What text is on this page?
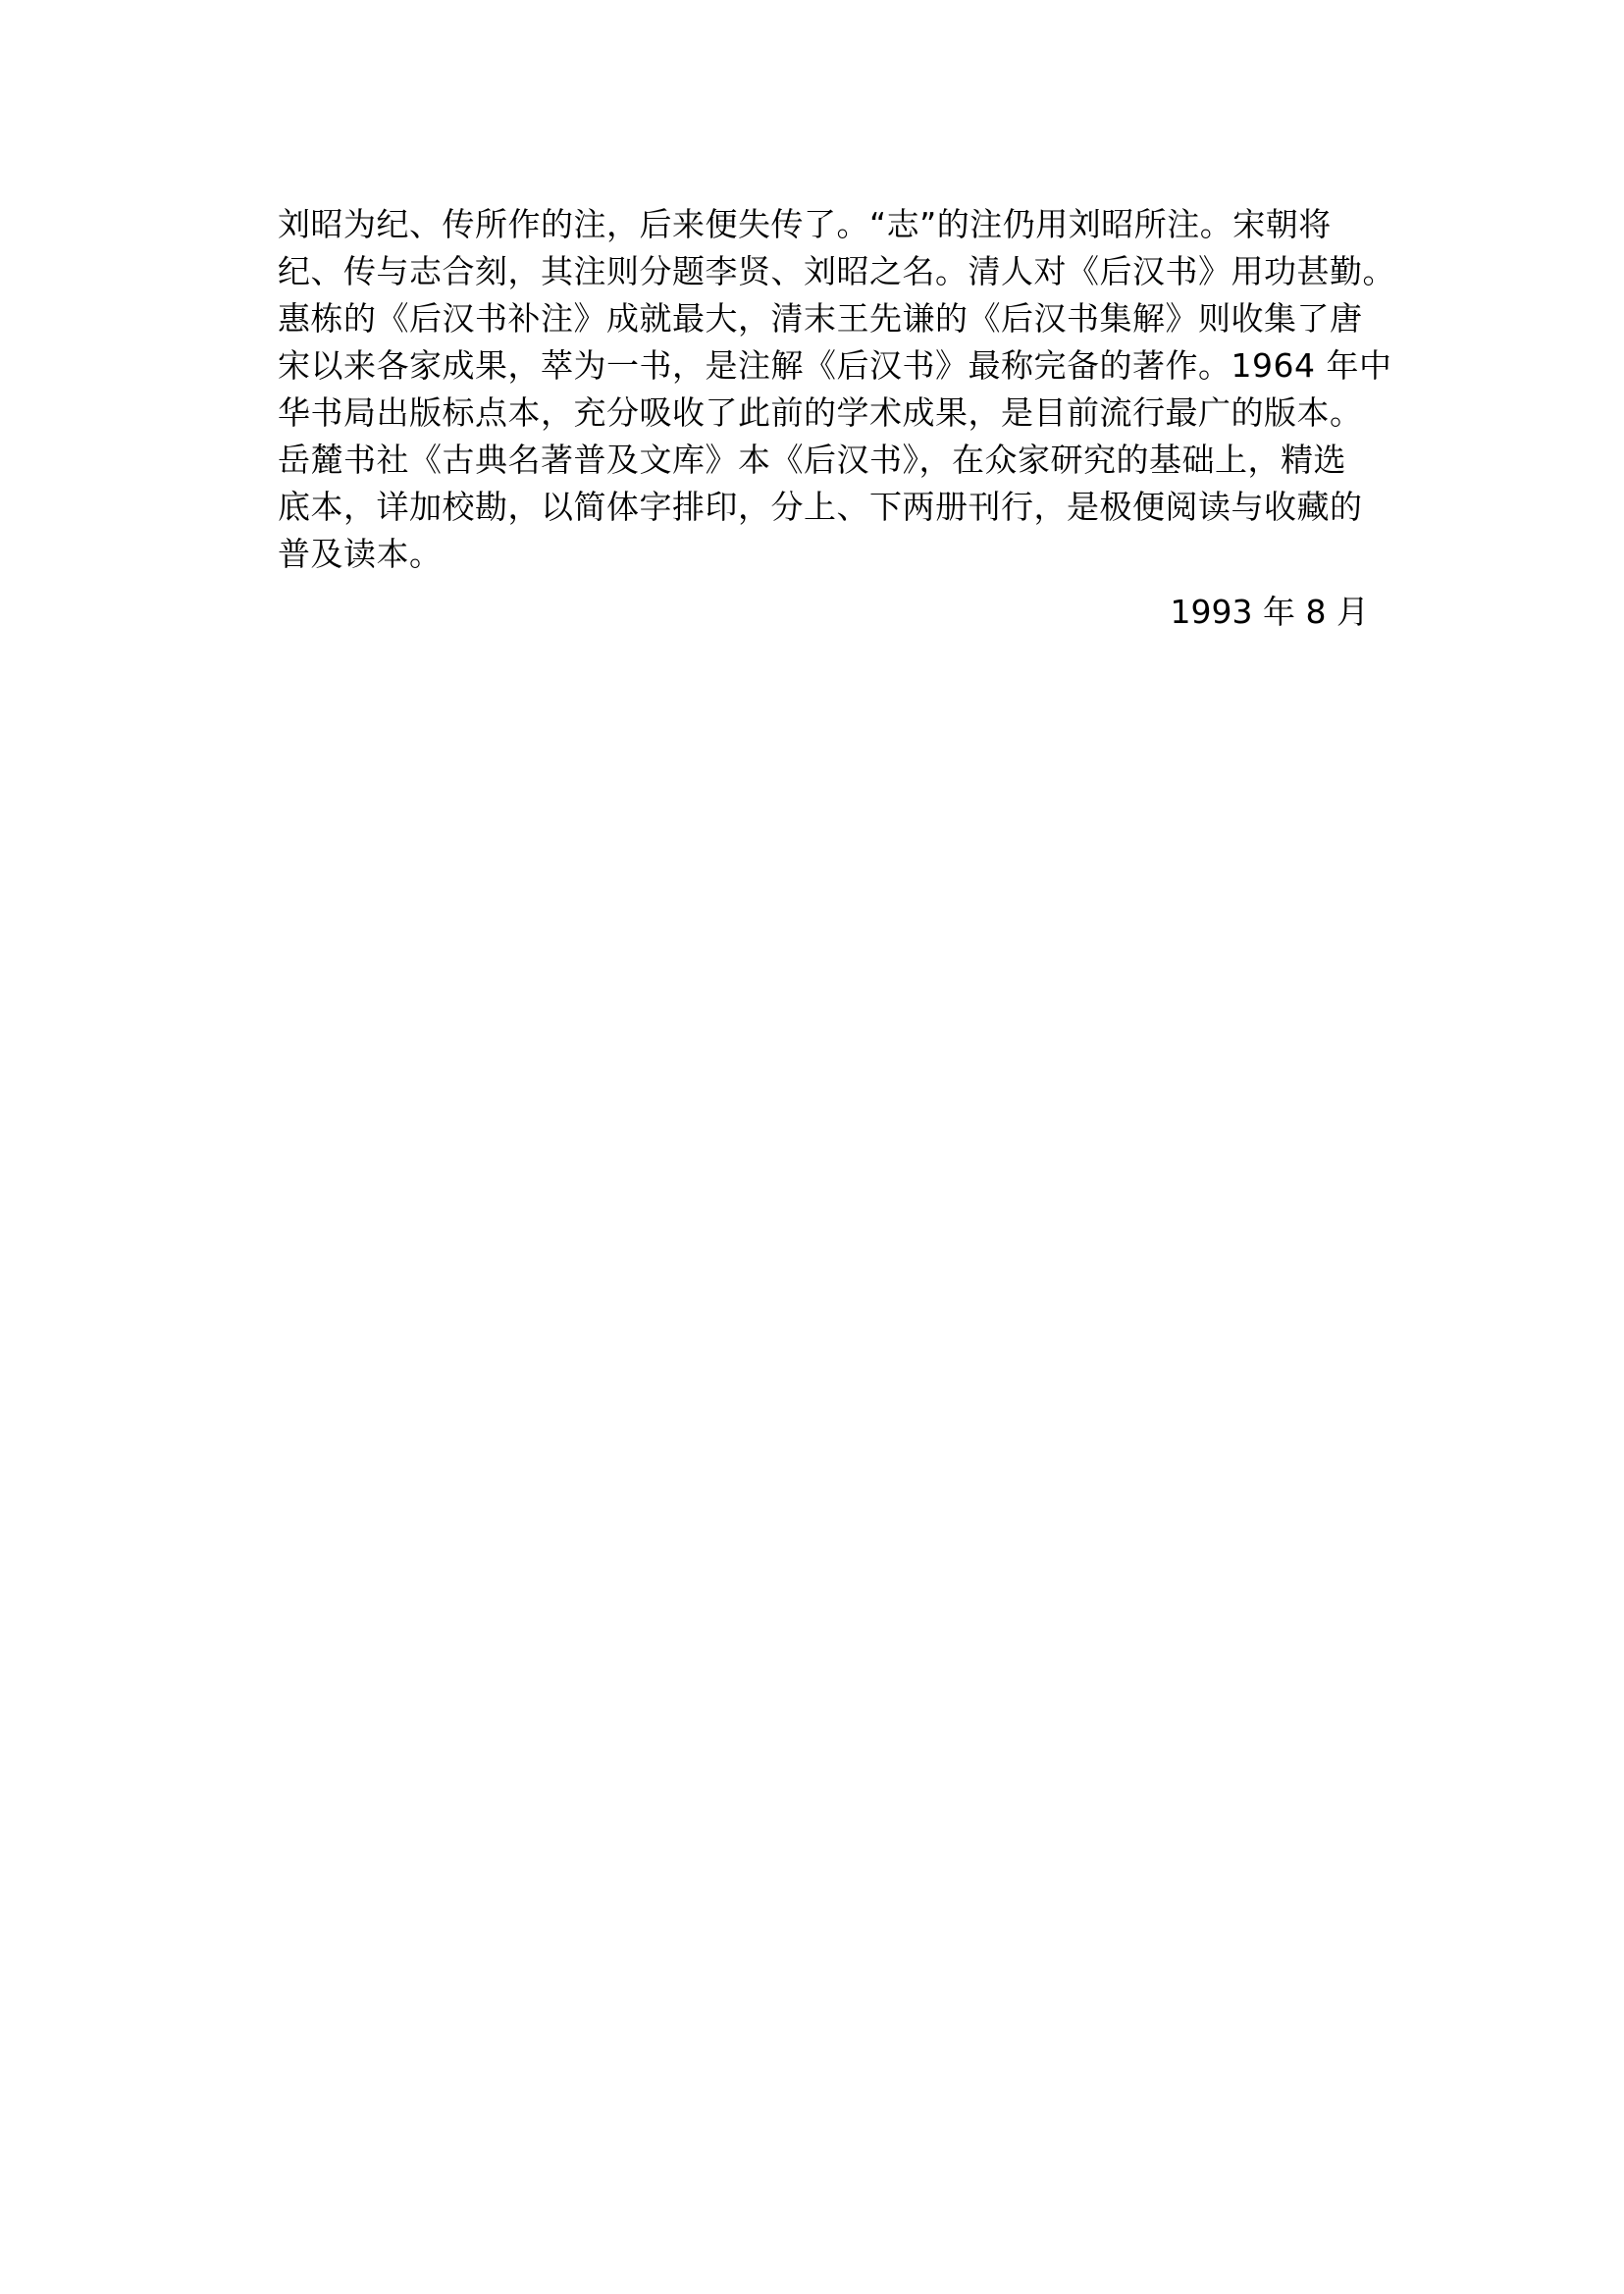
刘昭为纪、传所作的注，后来便失传了。“志”的注仍用刘昭所注。宋朝将
纪、传与志合刻，其注则分题李贤、刘昭之名。清人对《后汉书》用功甚勤。
惠栋的《后汉书补注》成就最大，清末王先谦的《后汉书集解》则收集了唐
宋以来各家成果，萃为一书，是注解《后汉书》最称完备的著作。1964 年中
华书局出版标点本，充分吸收了此前的学术成果，是目前流行最广的版本。
岳麓书社《古典名著普及文库》本《后汉书》，在众家研究的基础上，精选
底本，详加校勘，以简体字排印，分上、下两册刊行，是极便阅读与收藏的
普及读本。
1993 年 8 月
